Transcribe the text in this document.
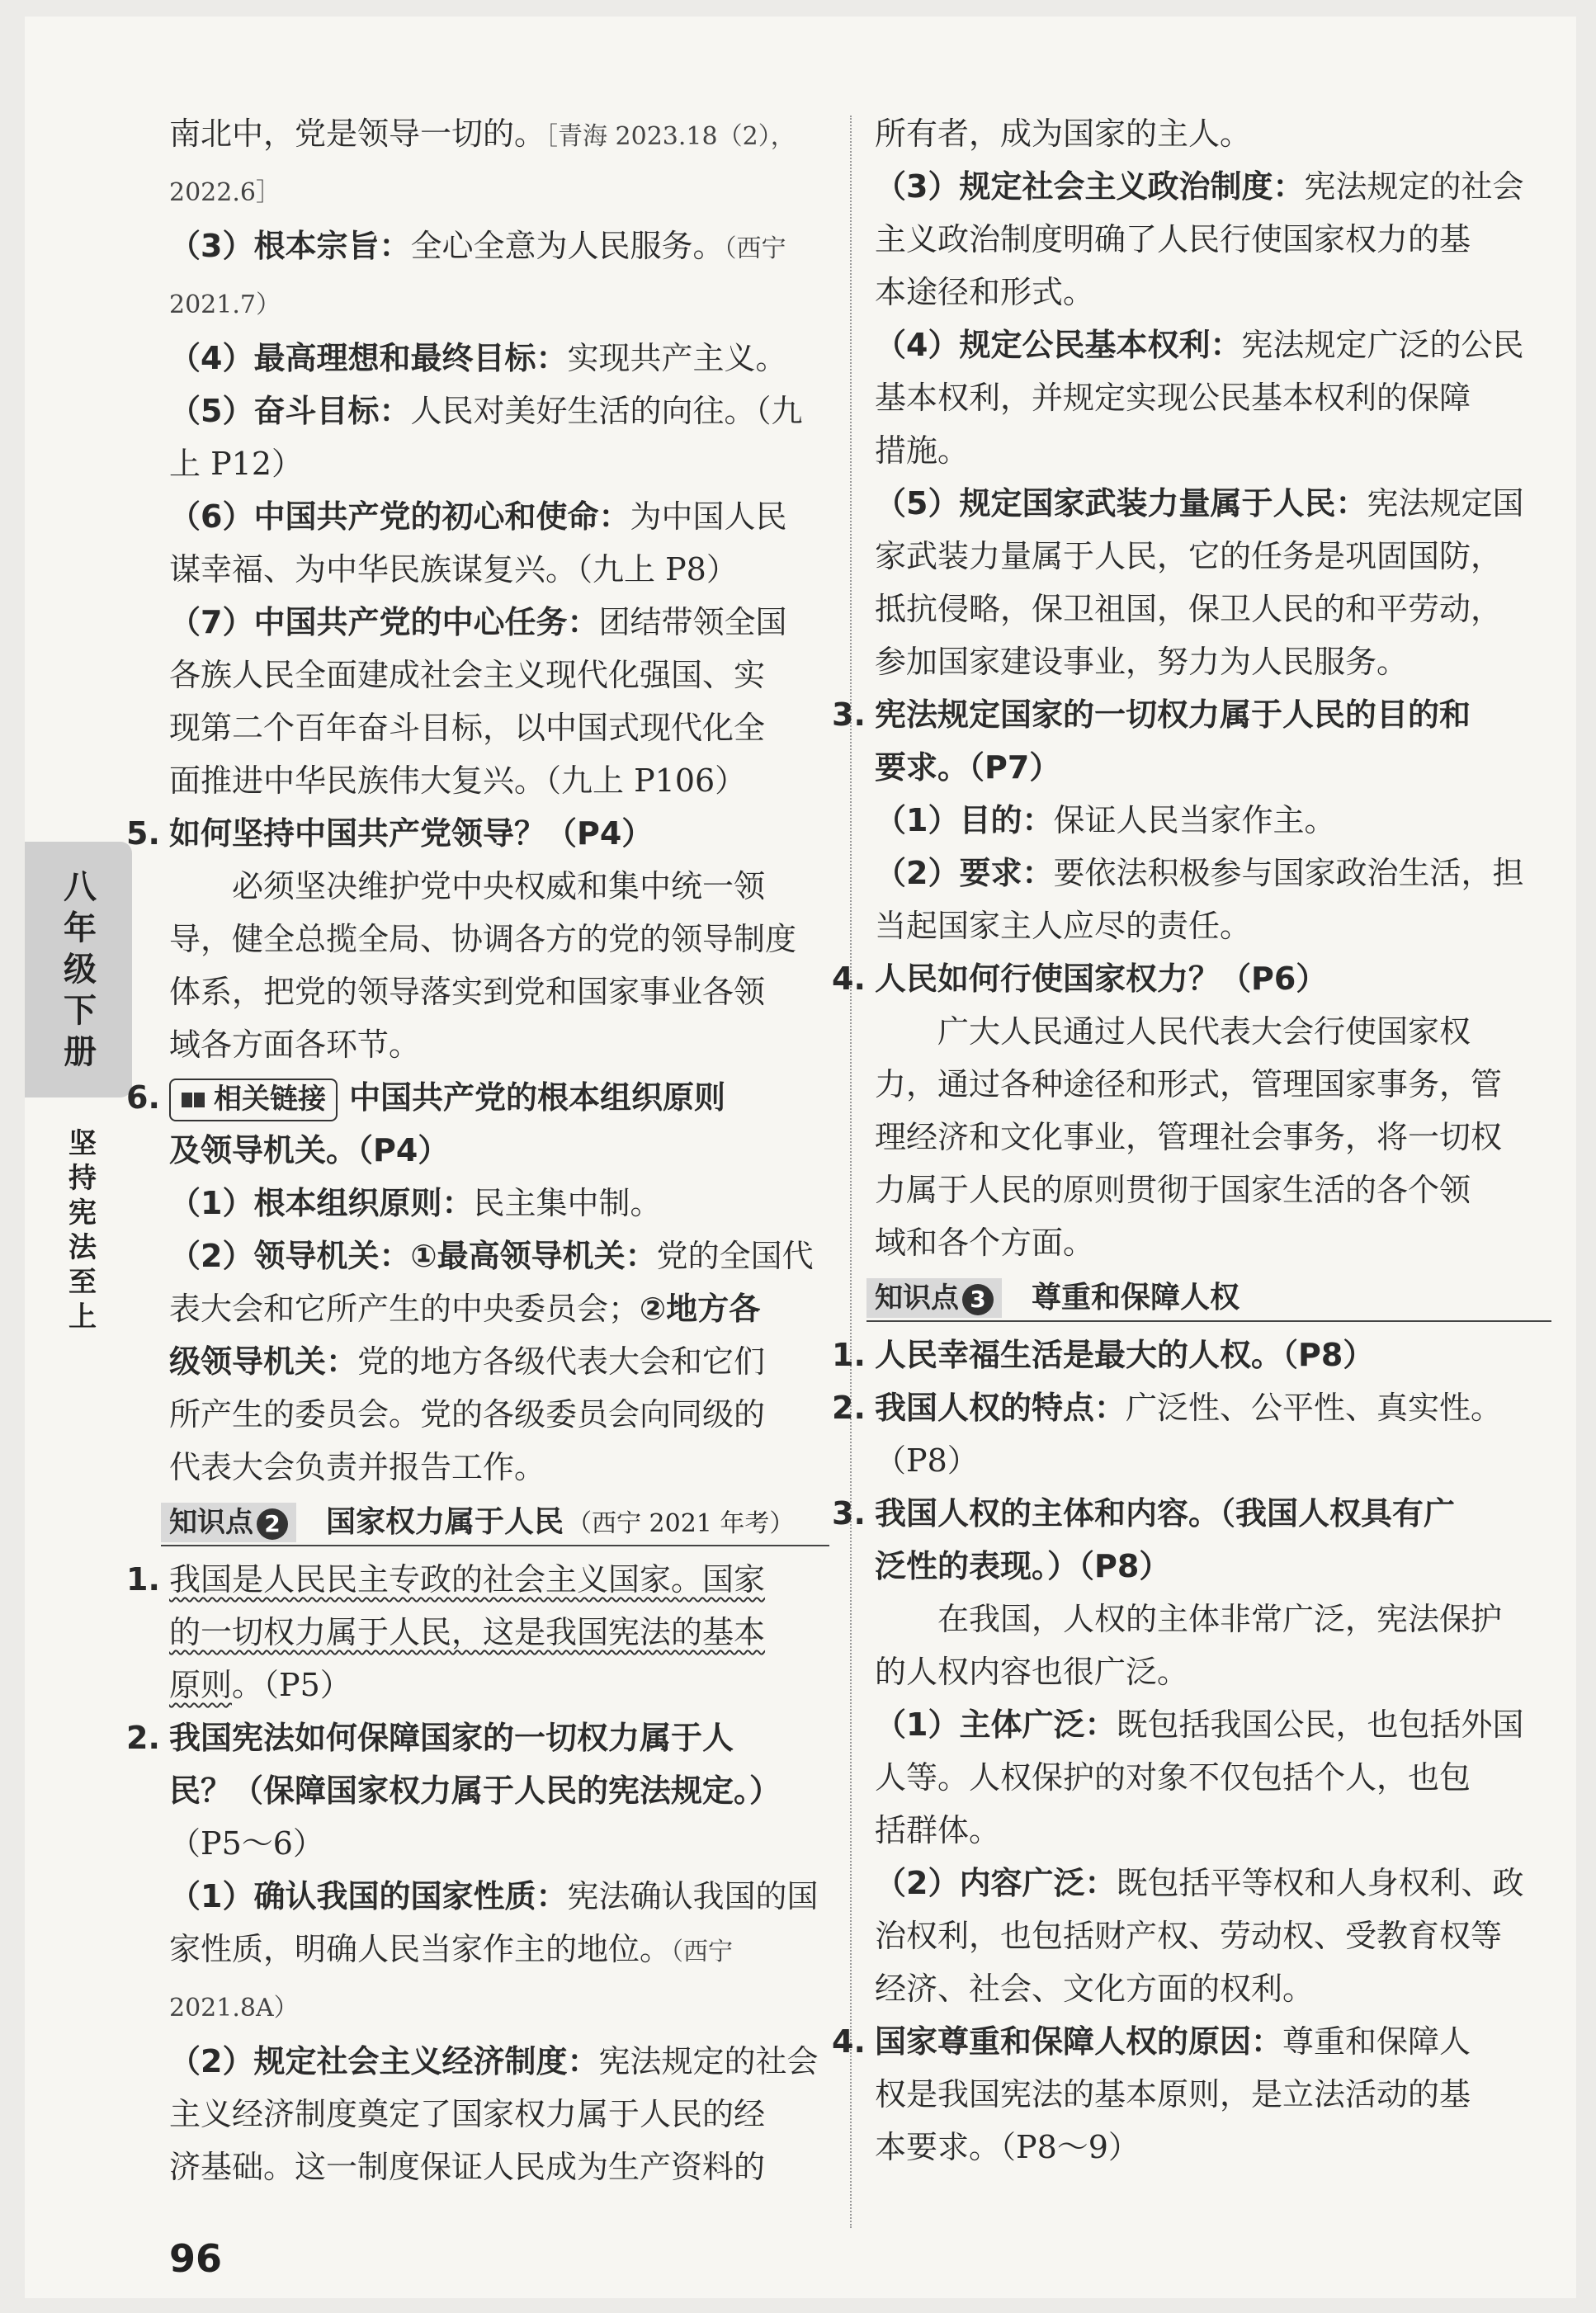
八年级下册
坚持宪法至上
南北中，党是领导一切的。［青海 2023.18（2），
2022.6］
（3）根本宗旨：全心全意为人民服务。（西宁
2021.7）
（4）最高理想和最终目标：实现共产主义。
（5）奋斗目标：人民对美好生活的向往。（九
上 P12）
（6）中国共产党的初心和使命：为中国人民
谋幸福、为中华民族谋复兴。（九上 P8）
（7）中国共产党的中心任务：团结带领全国
各族人民全面建成社会主义现代化强国、实
现第二个百年奋斗目标，以中国式现代化全
面推进中华民族伟大复兴。（九上 P106）
5. 如何坚持中国共产党领导？（P4）
必须坚决维护党中央权威和集中统一领
导，健全总揽全局、协调各方的党的领导制度
体系，把党的领导落实到党和国家事业各领
域各方面各环节。
6. 相关链接 中国共产党的根本组织原则
及领导机关。（P4）
（1）根本组织原则：民主集中制。
（2）领导机关：①最高领导机关：党的全国代
表大会和它所产生的中央委员会；②地方各
级领导机关：党的地方各级代表大会和它们
所产生的委员会。党的各级委员会向同级的
代表大会负责并报告工作。
知识点 2 国家权力属于人民 （西宁 2021 年考）
1. 我国是人民民主专政的社会主义国家。国家
的一切权力属于人民，这是我国宪法的基本
原则。（P5）
2. 我国宪法如何保障国家的一切权力属于人
民？（保障国家权力属于人民的宪法规定。）
（P5～6）
（1）确认我国的国家性质：宪法确认我国的国
家性质，明确人民当家作主的地位。（西宁
2021.8A）
（2）规定社会主义经济制度：宪法规定的社会
主义经济制度奠定了国家权力属于人民的经
济基础。这一制度保证人民成为生产资料的
所有者，成为国家的主人。
（3）规定社会主义政治制度：宪法规定的社会
主义政治制度明确了人民行使国家权力的基
本途径和形式。
（4）规定公民基本权利：宪法规定广泛的公民
基本权利，并规定实现公民基本权利的保障
措施。
（5）规定国家武装力量属于人民：宪法规定国
家武装力量属于人民，它的任务是巩固国防，
抵抗侵略，保卫祖国，保卫人民的和平劳动，
参加国家建设事业，努力为人民服务。
3. 宪法规定国家的一切权力属于人民的目的和
要求。（P7）
（1）目的：保证人民当家作主。
（2）要求：要依法积极参与国家政治生活，担
当起国家主人应尽的责任。
4. 人民如何行使国家权力？（P6）
广大人民通过人民代表大会行使国家权
力，通过各种途径和形式，管理国家事务，管
理经济和文化事业，管理社会事务，将一切权
力属于人民的原则贯彻于国家生活的各个领
域和各个方面。
知识点 3 尊重和保障人权
1. 人民幸福生活是最大的人权。（P8）
2. 我国人权的特点：广泛性、公平性、真实性。
（P8）
3. 我国人权的主体和内容。（我国人权具有广
泛性的表现。）（P8）
在我国，人权的主体非常广泛，宪法保护
的人权内容也很广泛。
（1）主体广泛：既包括我国公民，也包括外国
人等。人权保护的对象不仅包括个人，也包
括群体。
（2）内容广泛：既包括平等权和人身权利、政
治权利，也包括财产权、劳动权、受教育权等
经济、社会、文化方面的权利。
4. 国家尊重和保障人权的原因：尊重和保障人
权是我国宪法的基本原则，是立法活动的基
本要求。（P8～9）
96
